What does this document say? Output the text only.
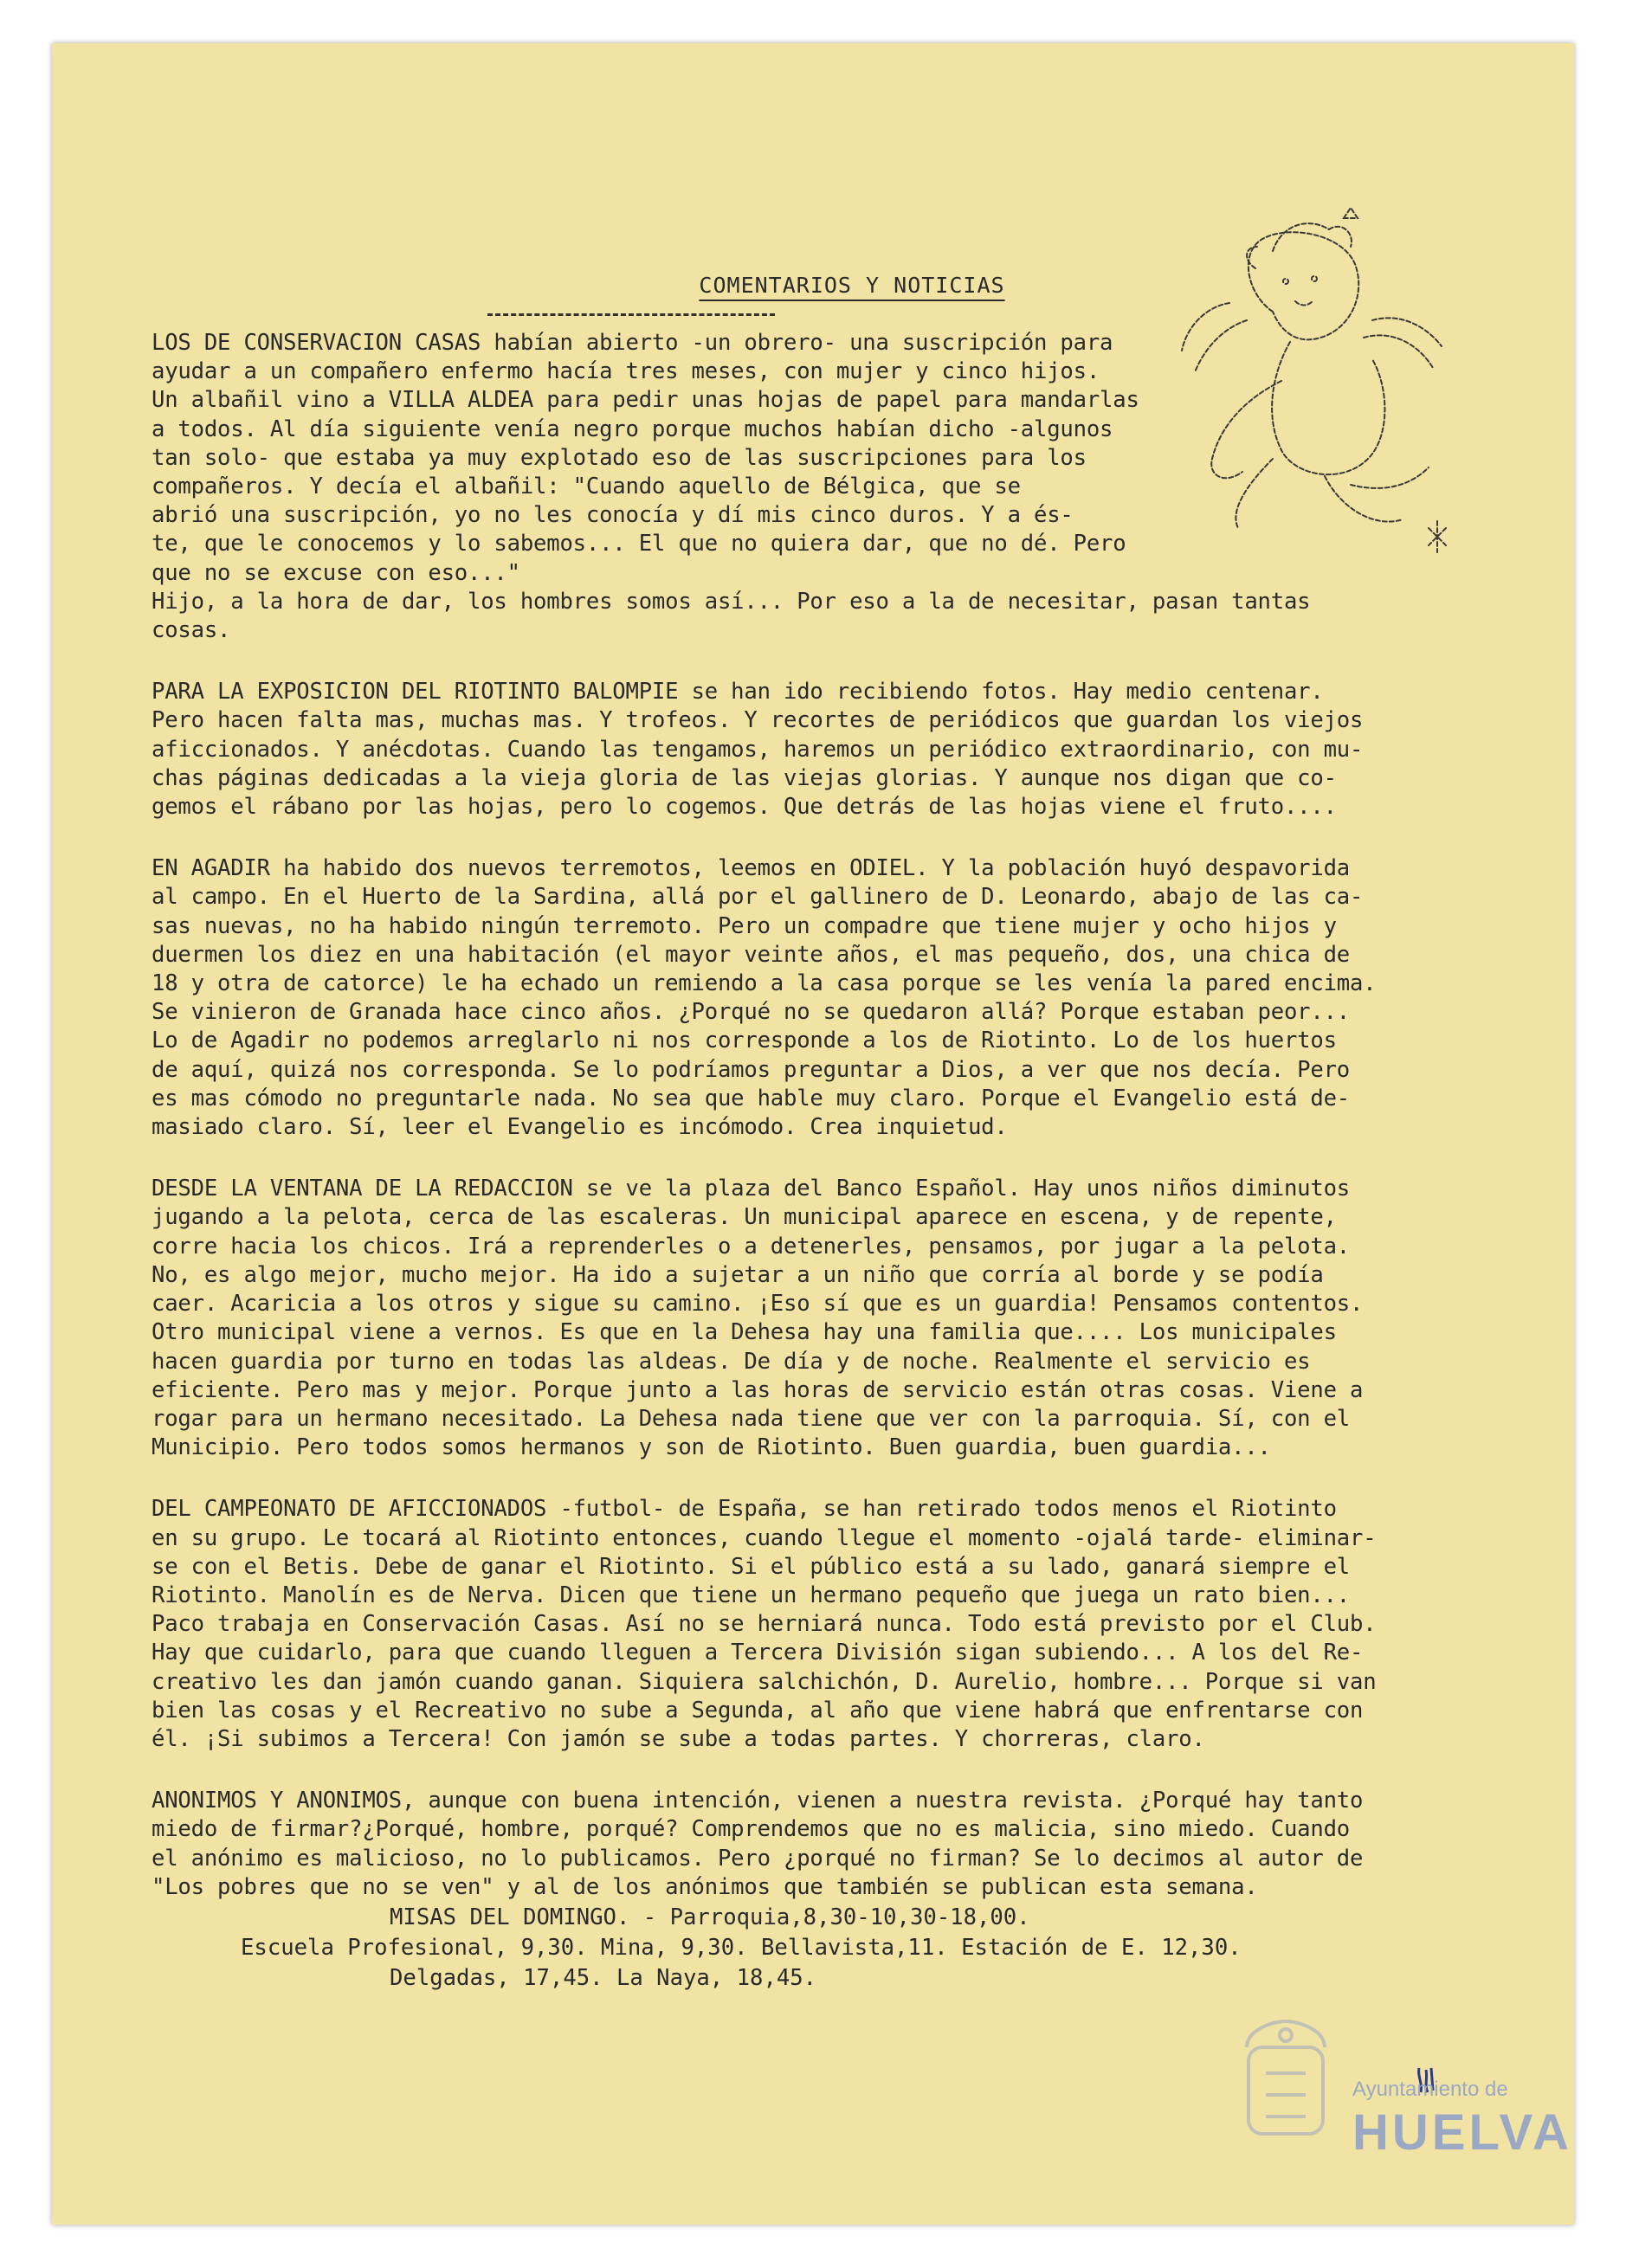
COMENTARIOS Y NOTICIAS
LOS DE CONSERVACION CASAS habían abierto -un obrero- una suscripción para
ayudar a un compañero enfermo hacía tres meses, con mujer y cinco hijos.
Un albañil vino a VILLA ALDEA para pedir unas hojas de papel para mandarlas
a todos. Al día siguiente venía negro porque muchos habían dicho -algunos
tan solo- que estaba ya muy explotado eso de las suscripciones para los
compañeros. Y decía el albañil: "Cuando aquello de Bélgica, que se
abrió una suscripción, yo no les conocía y dí mis cinco duros. Y a és-
te, que le conocemos y lo sabemos... El que no quiera dar, que no dé. Pero
que no se excuse con eso..."
Hijo, a la hora de dar, los hombres somos así... Por eso a la de necesitar, pasan tantas
cosas.
PARA LA EXPOSICION DEL RIOTINTO BALOMPIE se han ido recibiendo fotos. Hay medio centenar.
Pero hacen falta mas, muchas mas. Y trofeos. Y recortes de periódicos que guardan los viejos
aficcionados. Y anécdotas. Cuando las tengamos, haremos un periódico extraordinario, con mu-
chas páginas dedicadas a la vieja gloria de las viejas glorias. Y aunque nos digan que co-
gemos el rábano por las hojas, pero lo cogemos. Que detrás de las hojas viene el fruto....
EN AGADIR ha habido dos nuevos terremotos, leemos en ODIEL. Y la población huyó despavorida
al campo. En el Huerto de la Sardina, allá por el gallinero de D. Leonardo, abajo de las ca-
sas nuevas, no ha habido ningún terremoto. Pero un compadre que tiene mujer y ocho hijos y
duermen los diez en una habitación (el mayor veinte años, el mas pequeño, dos, una chica de
18 y otra de catorce) le ha echado un remiendo a la casa porque se les venía la pared encima.
Se vinieron de Granada hace cinco años. ¿Porqué no se quedaron allá? Porque estaban peor...
Lo de Agadir no podemos arreglarlo ni nos corresponde a los de Riotinto. Lo de los huertos
de aquí, quizá nos corresponda. Se lo podríamos preguntar a Dios, a ver que nos decía. Pero
es mas cómodo no preguntarle nada. No sea que hable muy claro. Porque el Evangelio está de-
masiado claro. Sí, leer el Evangelio es incómodo. Crea inquietud.
DESDE LA VENTANA DE LA REDACCION se ve la plaza del Banco Español. Hay unos niños diminutos
jugando a la pelota, cerca de las escaleras. Un municipal aparece en escena, y de repente,
corre hacia los chicos. Irá a reprenderles o a detenerles, pensamos, por jugar a la pelota.
No, es algo mejor, mucho mejor. Ha ido a sujetar a un niño que corría al borde y se podía
caer. Acaricia a los otros y sigue su camino. ¡Eso sí que es un guardia! Pensamos contentos.
Otro municipal viene a vernos. Es que en la Dehesa hay una familia que.... Los municipales
hacen guardia por turno en todas las aldeas. De día y de noche. Realmente el servicio es
eficiente. Pero mas y mejor. Porque junto a las horas de servicio están otras cosas. Viene a
rogar para un hermano necesitado. La Dehesa nada tiene que ver con la parroquia. Sí, con el
Municipio. Pero todos somos hermanos y son de Riotinto. Buen guardia, buen guardia...
DEL CAMPEONATO DE AFICCIONADOS -futbol- de España, se han retirado todos menos el Riotinto
en su grupo. Le tocará al Riotinto entonces, cuando llegue el momento -ojalá tarde- eliminar-
se con el Betis. Debe de ganar el Riotinto. Si el público está a su lado, ganará siempre el
Riotinto. Manolín es de Nerva. Dicen que tiene un hermano pequeño que juega un rato bien...
Paco trabaja en Conservación Casas. Así no se herniará nunca. Todo está previsto por el Club.
Hay que cuidarlo, para que cuando lleguen a Tercera División sigan subiendo... A los del Re-
creativo les dan jamón cuando ganan. Siquiera salchichón, D. Aurelio, hombre... Porque si van
bien las cosas y el Recreativo no sube a Segunda, al año que viene habrá que enfrentarse con
él. ¡Si subimos a Tercera! Con jamón se sube a todas partes. Y chorreras, claro.
ANONIMOS Y ANONIMOS, aunque con buena intención, vienen a nuestra revista. ¿Porqué hay tanto
miedo de firmar?¿Porqué, hombre, porqué? Comprendemos que no es malicia, sino miedo. Cuando
el anónimo es malicioso, no lo publicamos. Pero ¿porqué no firman? Se lo decimos al autor de
"Los pobres que no se ven" y al de los anónimos que también se publican esta semana.
MISAS DEL DOMINGO. - Parroquia,8,30-10,30-18,00.
Escuela Profesional, 9,30. Mina, 9,30. Bellavista,11. Estación de E. 12,30.
Delgadas, 17,45. La Naya, 18,45.
Ayuntamiento de
HUELVA
